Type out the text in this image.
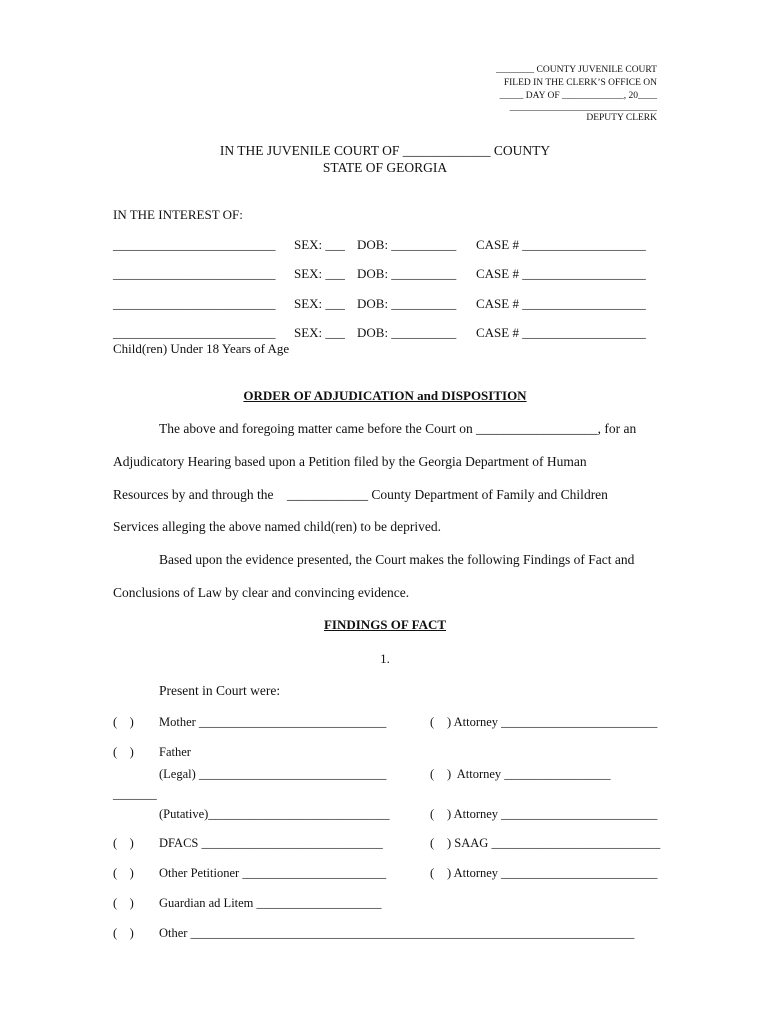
________ COUNTY JUVENILE COURT
FILED IN THE CLERK’S OFFICE ON
_____ DAY OF _____________, 20____
_______________________________
DEPUTY CLERK
IN THE JUVENILE COURT OF _____________ COUNTY
STATE OF GEORGIA
IN THE INTEREST OF:
_________________________ SEX: ___ DOB: __________ CASE # ___________________
_________________________ SEX: ___ DOB: __________ CASE # ___________________
_________________________ SEX: ___ DOB: __________ CASE # ___________________
_________________________ SEX: ___ DOB: __________ CASE # ___________________
Child(ren) Under 18 Years of Age
ORDER OF ADJUDICATION and DISPOSITION
The above and foregoing matter came before the Court on __________________, for an
Adjudicatory Hearing based upon a Petition filed by the Georgia Department of Human
Resources by and through the    ____________ County Department of Family and Children
Services alleging the above named child(ren) to be deprived.
Based upon the evidence presented, the Court makes the following Findings of Fact and
Conclusions of Law by clear and convincing evidence.
FINDINGS OF FACT
1.
Present in Court were:
(    ) Mother ______________________________	( ) Attorney _________________________
(    ) Father
(Legal) ______________________________	( )  Attorney _________________
_______
(Putative)_____________________________	( ) Attorney _________________________
(    ) DFACS _____________________________	( ) SAAG ___________________________
(    ) Other Petitioner _______________________	( ) Attorney _________________________
(    ) Guardian ad Litem ____________________
(    ) Other _______________________________________________________________________
